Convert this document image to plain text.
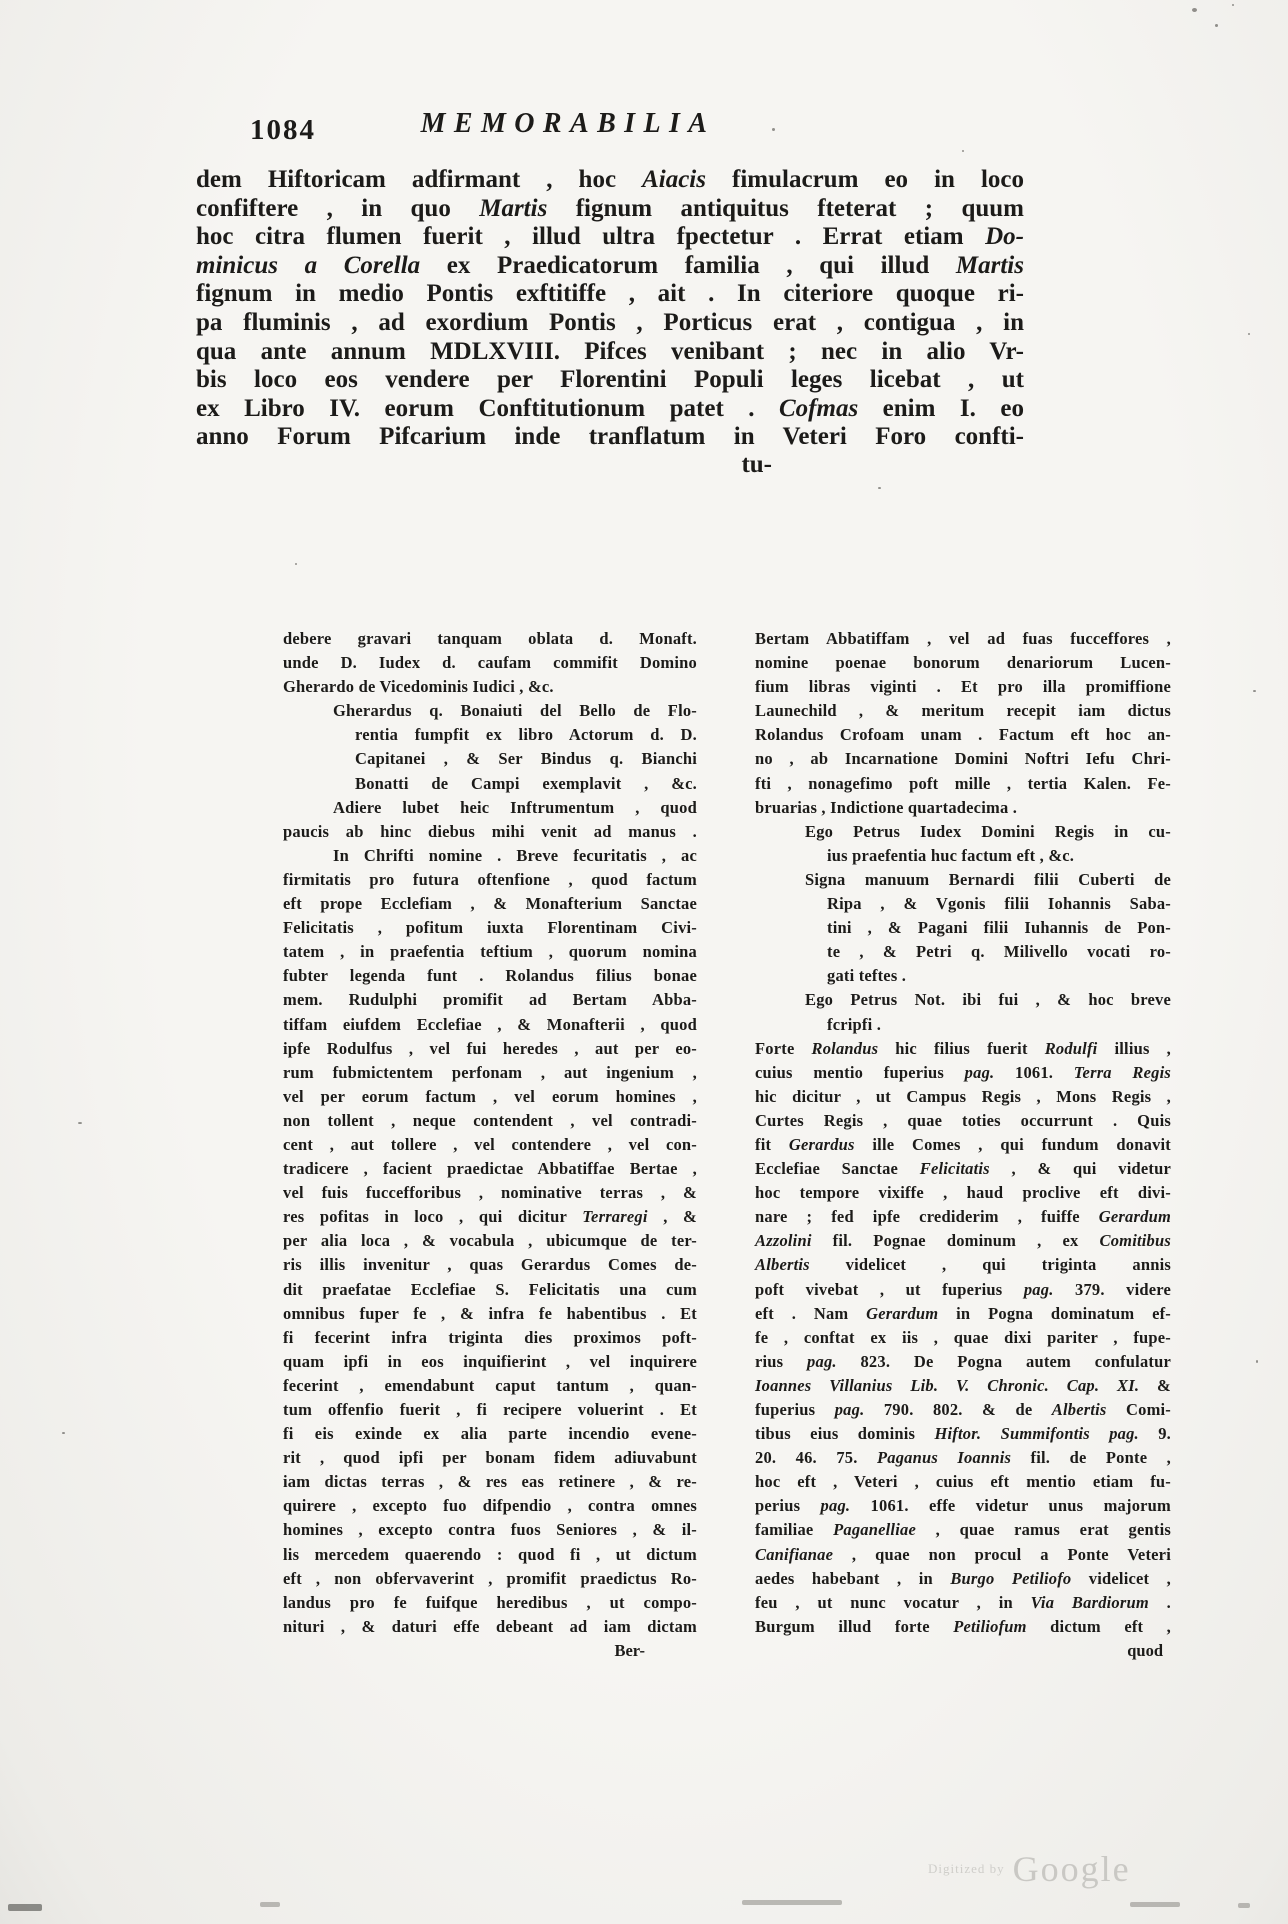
1084	MEMORABILIA
dem Hiftoricam adfirmant , hoc Aiacis fimulacrum eo in loco
confiftere , in quo Martis fignum antiquitus fteterat ; quum
hoc citra flumen fuerit , illud ultra fpectetur . Errat etiam Do-
minicus a Corella ex Praedicatorum familia , qui illud Martis
fignum in medio Pontis exftitiffe , ait . In citeriore quoque ri-
pa fluminis , ad exordium Pontis , Porticus erat , contigua , in
qua ante annum MDLXVIII. Pifces venibant ; nec in alio Vr-
bis loco eos vendere per Florentini Populi leges licebat , ut
ex Libro IV. eorum Conftitutionum patet . Cofmas enim I. eo
anno Forum Pifcarium inde tranflatum in Veteri Foro confti-
tu-
debere gravari tanquam oblata d. Monaft.
unde D. Iudex d. caufam commifit Domino
Gherardo de Vicedominis Iudici , &c.
Gherardus q. Bonaiuti del Bello de Flo-
rentia fumpfit ex libro Actorum d. D.
Capitanei , & Ser Bindus q. Bianchi
Bonatti de Campi exemplavit , &c.
Adiere lubet heic Inftrumentum , quod
paucis ab hinc diebus mihi venit ad manus .
In Chrifti nomine . Breve fecuritatis , ac
firmitatis pro futura oftenfione , quod factum
eft prope Ecclefiam , & Monafterium Sanctae
Felicitatis , pofitum iuxta Florentinam Civi-
tatem , in praefentia teftium , quorum nomina
fubter legenda funt . Rolandus filius bonae
mem. Rudulphi promifit ad Bertam Abba-
tiffam eiufdem Ecclefiae , & Monafterii , quod
ipfe Rodulfus , vel fui heredes , aut per eo-
rum fubmictentem perfonam , aut ingenium ,
vel per eorum factum , vel eorum homines ,
non tollent , neque contendent , vel contradi-
cent , aut tollere , vel contendere , vel con-
tradicere , facient praedictae Abbatiffae Bertae ,
vel fuis fuccefforibus , nominative terras , &
res pofitas in loco , qui dicitur Terraregi , &
per alia loca , & vocabula , ubicumque de ter-
ris illis invenitur , quas Gerardus Comes de-
dit praefatae Ecclefiae S. Felicitatis una cum
omnibus fuper fe , & infra fe habentibus . Et
fi fecerint infra triginta dies proximos poft-
quam ipfi in eos inquifierint , vel inquirere
fecerint , emendabunt caput tantum , quan-
tum offenfio fuerit , fi recipere voluerint . Et
fi eis exinde ex alia parte incendio evene-
rit , quod ipfi per bonam fidem adiuvabunt
iam dictas terras , & res eas retinere , & re-
quirere , excepto fuo difpendio , contra omnes
homines , excepto contra fuos Seniores , & il-
lis mercedem quaerendo : quod fi , ut dictum
eft , non obfervaverint , promifit praedictus Ro-
landus pro fe fuifque heredibus , ut compo-
nituri , & daturi effe debeant ad iam dictam
Ber-
Bertam Abbatiffam , vel ad fuas fucceffores ,
nomine poenae bonorum denariorum Lucen-
fium libras viginti . Et pro illa promiffione
Launechild , & meritum recepit iam dictus
Rolandus Crofoam unam . Factum eft hoc an-
no , ab Incarnatione Domini Noftri Iefu Chri-
fti , nonagefimo poft mille , tertia Kalen. Fe-
bruarias , Indictione quartadecima .
Ego Petrus Iudex Domini Regis in cu-
ius praefentia huc factum eft , &c.
Signa manuum Bernardi filii Cuberti de
Ripa , & Vgonis filii Iohannis Saba-
tini , & Pagani filii Iuhannis de Pon-
te , & Petri q. Milivello vocati ro-
gati teftes .
Ego Petrus Not. ibi fui , & hoc breve
fcripfi .
Forte Rolandus hic filius fuerit Rodulfi illius ,
cuius mentio fuperius pag. 1061. Terra Regis
hic dicitur , ut Campus Regis , Mons Regis ,
Curtes Regis , quae toties occurrunt . Quis
fit Gerardus ille Comes , qui fundum donavit
Ecclefiae Sanctae Felicitatis , & qui videtur
hoc tempore vixiffe , haud proclive eft divi-
nare ; fed ipfe crediderim , fuiffe Gerardum
Azzolini fil. Pognae dominum , ex Comitibus
Albertis videlicet , qui triginta annis
poft vivebat , ut fuperius pag. 379. videre
eft . Nam Gerardum in Pogna dominatum ef-
fe , conftat ex iis , quae dixi pariter , fupe-
rius pag. 823. De Pogna autem confulatur
Ioannes Villanius Lib. V. Chronic. Cap. XI. &
fuperius pag. 790. 802. & de Albertis Comi-
tibus eius dominis Hiftor. Summifontis pag. 9.
20. 46. 75. Paganus Ioannis fil. de Ponte ,
hoc eft , Veteri , cuius eft mentio etiam fu-
perius pag. 1061. effe videtur unus majorum
familiae Paganelliae , quae ramus erat gentis
Canifianae , quae non procul a Ponte Veteri
aedes habebant , in Burgo Petiliofo videlicet ,
feu , ut nunc vocatur , in Via Bardiorum .
Burgum illud forte Petiliofum dictum eft ,
quod
$^{Digitized by}$ Google
